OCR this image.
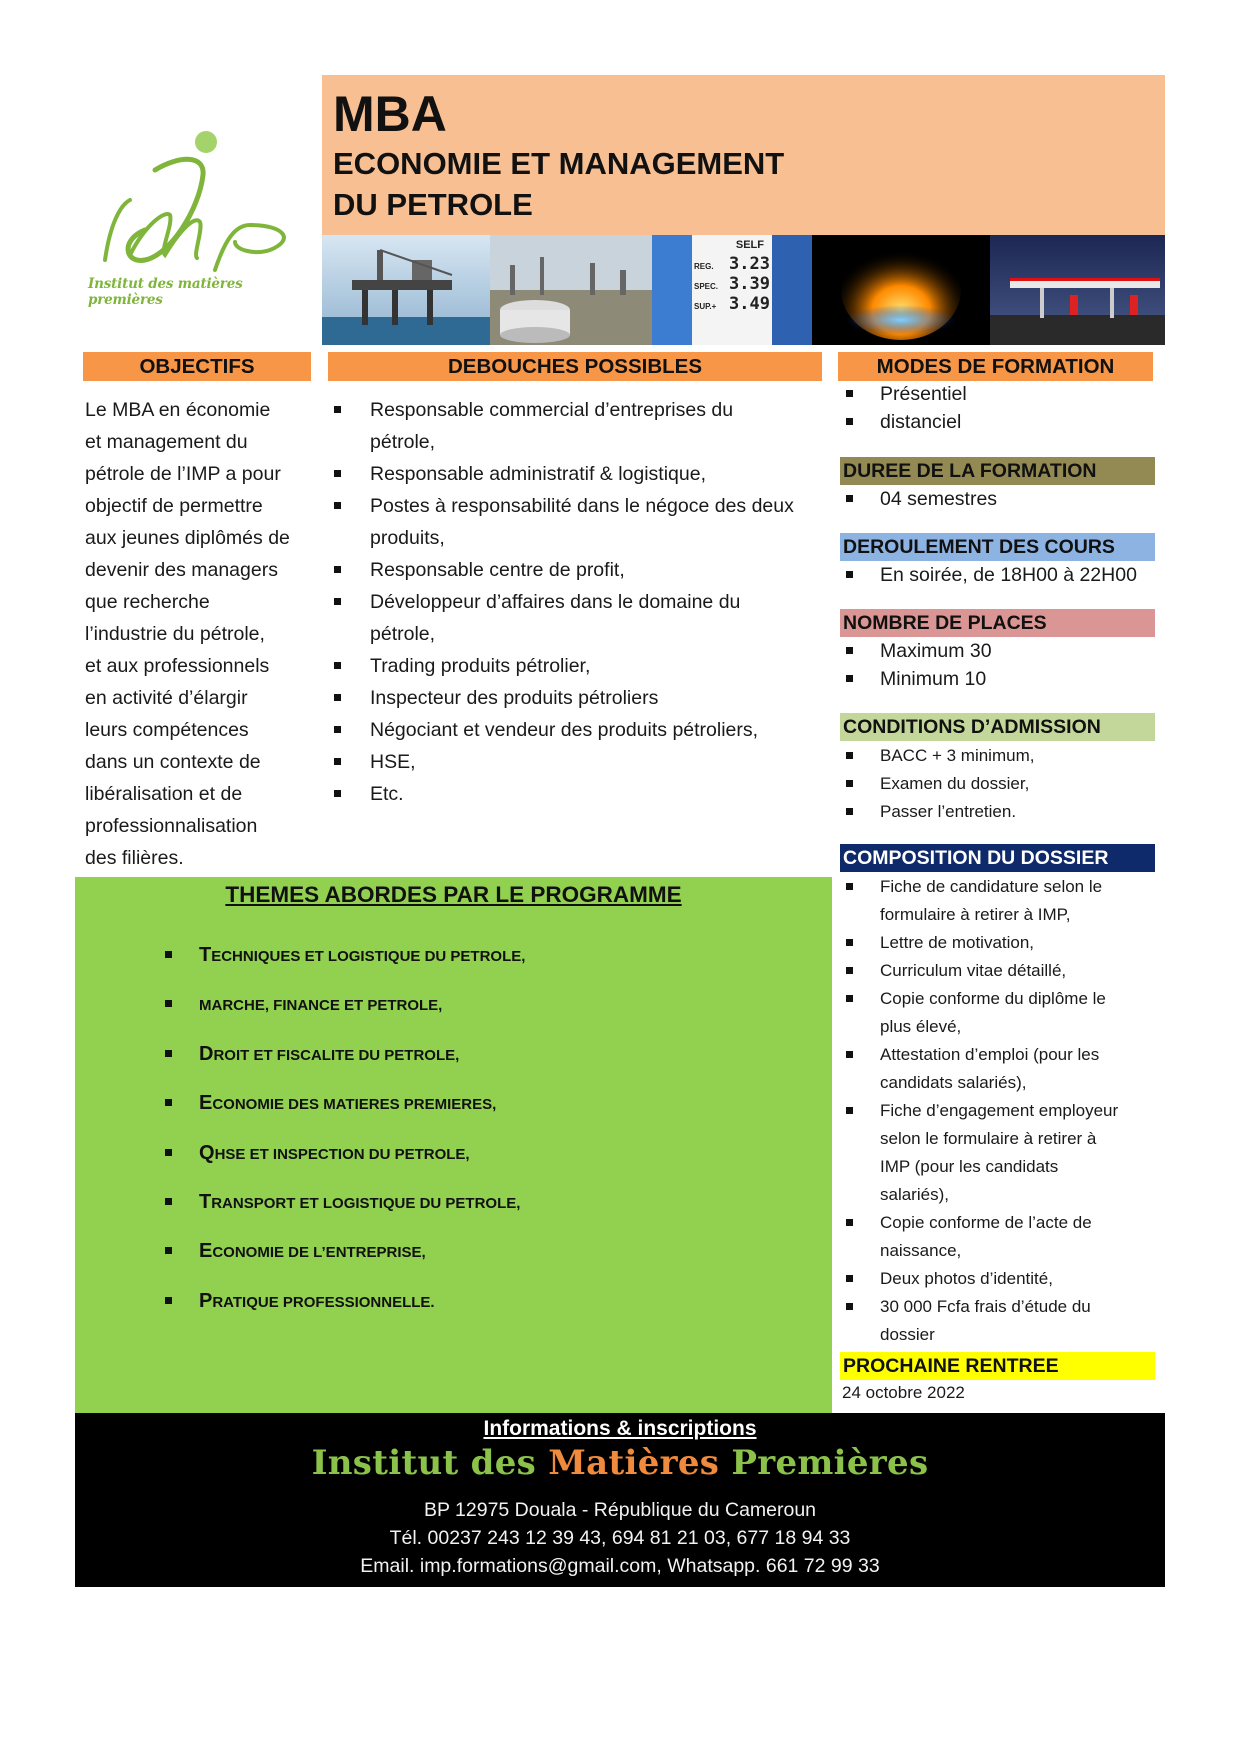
Institut des matières premières
MBA
ECONOMIE ET MANAGEMENT
DU PETROLE
SELF
REG. 3.23
SPEC. 3.39
SUP.+ 3.49
OBJECTIFS
Le MBA en économie
et management du
pétrole de l’IMP a pour
objectif de permettre
aux jeunes diplômés de
devenir des managers
que recherche
l’industrie du pétrole,
et aux professionnels
en activité d’élargir
leurs compétences
dans un contexte de
libéralisation et de
professionnalisation
des filières.
DEBOUCHES POSSIBLES
Responsable commercial d’entreprises du
pétrole,
Responsable administratif & logistique,
Postes à responsabilité dans le négoce des deux
produits,
Responsable centre de profit,
Développeur d’affaires dans le domaine du
pétrole,
Trading produits pétrolier,
Inspecteur des produits pétroliers
Négociant et vendeur des produits pétroliers,
HSE,
Etc.
MODES DE FORMATION
Présentiel
distanciel
DUREE DE LA FORMATION
04 semestres
DEROULEMENT DES COURS
En soirée, de 18H00 à 22H00
NOMBRE DE PLACES
Maximum 30
Minimum 10
CONDITIONS D’ADMISSION
BACC + 3 minimum,
Examen du dossier,
Passer l’entretien.
COMPOSITION DU DOSSIER
Fiche de candidature selon le
formulaire à retirer à IMP,
Lettre de motivation,
Curriculum vitae détaillé,
Copie conforme du diplôme le
plus élevé,
Attestation d’emploi (pour les
candidats salariés),
Fiche d’engagement employeur
selon le formulaire à retirer à
IMP (pour les candidats
salariés),
Copie conforme de l’acte de
naissance,
Deux photos d’identité,
30 000 Fcfa frais d’étude du
dossier
PROCHAINE RENTREE
24 octobre 2022
THEMES ABORDES PAR LE PROGRAMME
TECHNIQUES ET LOGISTIQUE DU PETROLE,
MARCHE, FINANCE ET PETROLE,
DROIT ET FISCALITE DU PETROLE,
ECONOMIE DES MATIERES PREMIERES,
QHSE ET INSPECTION DU PETROLE,
TRANSPORT ET LOGISTIQUE DU PETROLE,
ECONOMIE DE L’ENTREPRISE,
PRATIQUE PROFESSIONNELLE.
Informations & inscriptions
Institut des Matières Premières
BP 12975 Douala - République du Cameroun
Tél. 00237 243 12 39 43, 694 81 21 03, 677 18 94 33
Email. imp.formations@gmail.com, Whatsapp. 661 72 99 33
